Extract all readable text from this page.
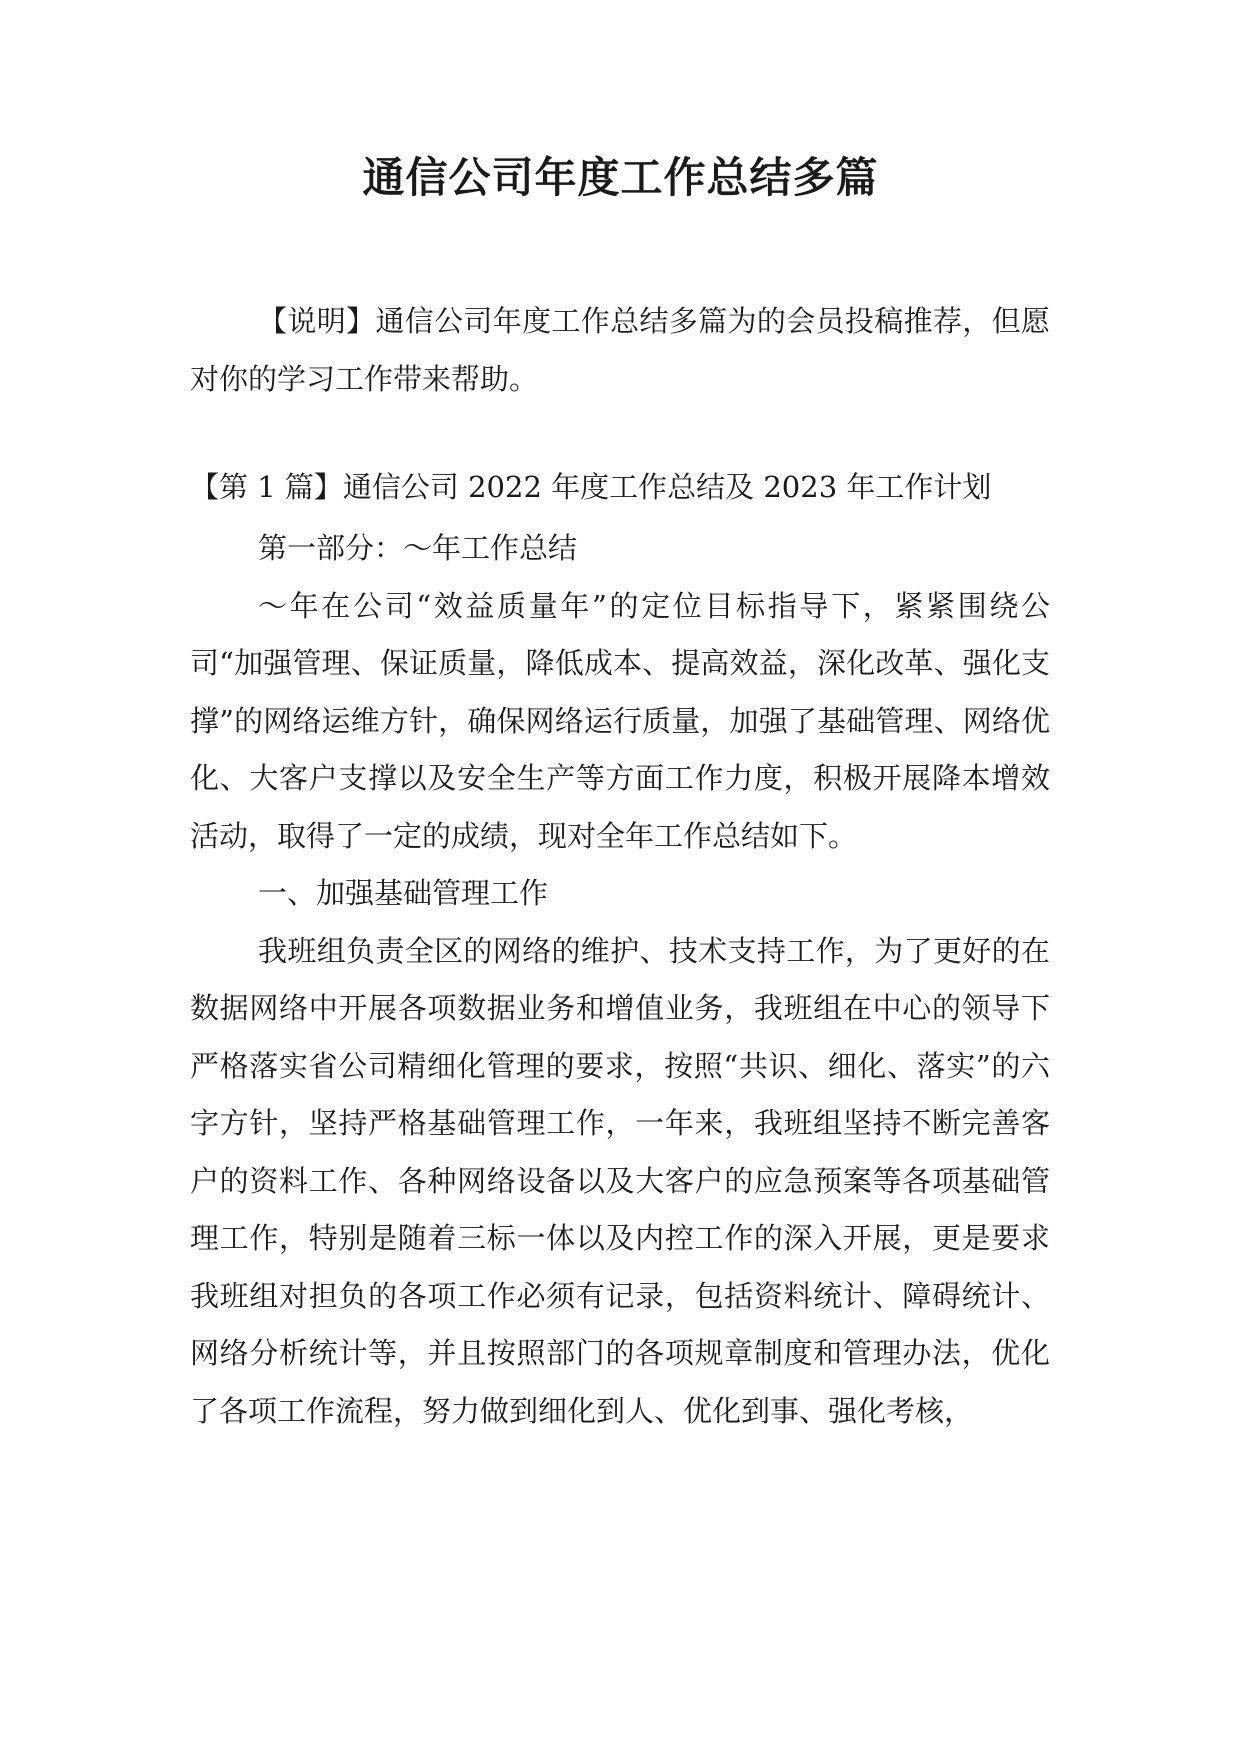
通信公司年度工作总结多篇

【说明】通信公司年度工作总结多篇为的会员投稿推荐，但愿对你的学习工作带来帮助。

【第 1 篇】通信公司 2022 年度工作总结及 2023 年工作计划

第一部分：～年工作总结

～年在公司“效益质量年”的定位目标指导下，紧紧围绕公司“加强管理、保证质量，降低成本、提高效益，深化改革、强化支撑”的网络运维方针，确保网络运行质量，加强了基础管理、网络优化、大客户支撑以及安全生产等方面工作力度，积极开展降本增效活动，取得了一定的成绩，现对全年工作总结如下。

一、加强基础管理工作

我班组负责全区的网络的维护、技术支持工作，为了更好的在数据网络中开展各项数据业务和增值业务，我班组在中心的领导下严格落实省公司精细化管理的要求，按照“共识、细化、落实”的六字方针，坚持严格基础管理工作，一年来，我班组坚持不断完善客户的资料工作、各种网络设备以及大客户的应急预案等各项基础管理工作，特别是随着三标一体以及内控工作的深入开展，更是要求我班组对担负的各项工作必须有记录，包括资料统计、障碍统计、网络分析统计等，并且按照部门的各项规章制度和管理办法，优化了各项工作流程，努力做到细化到人、优化到事、强化考核，
